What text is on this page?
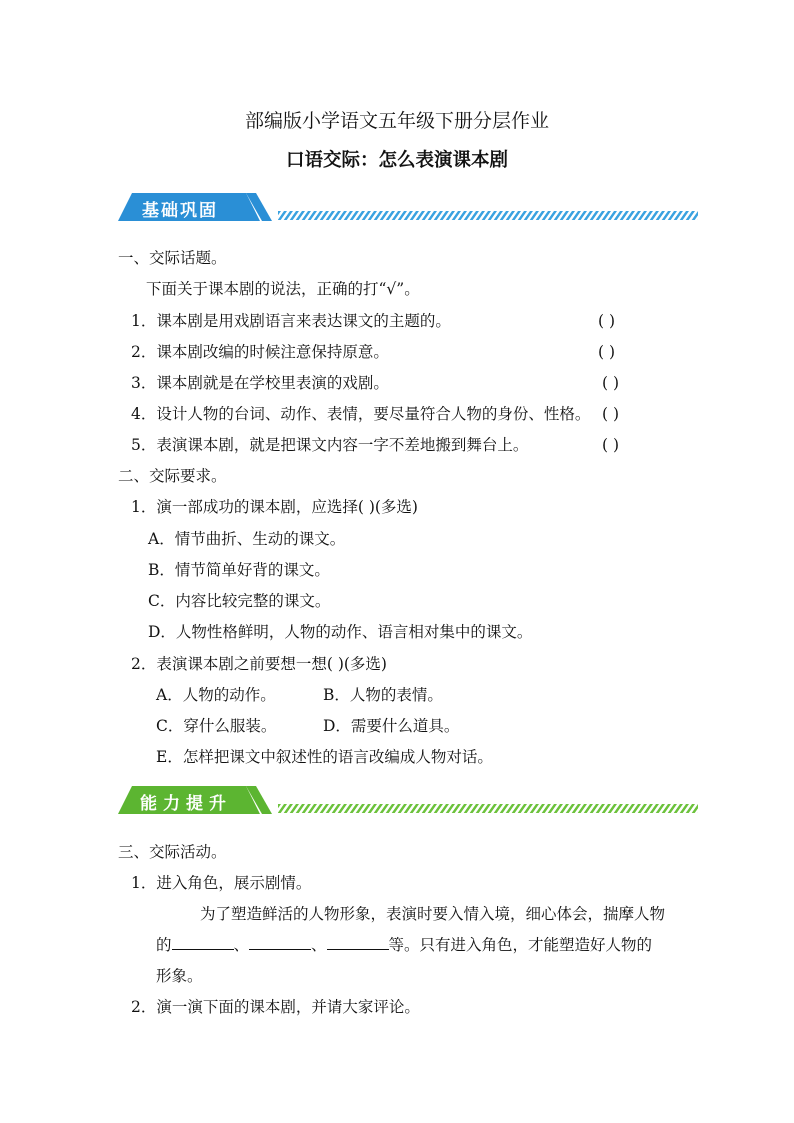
部编版小学语文五年级下册分层作业
口语交际：怎么表演课本剧
基础巩固
一、交际话题。
下面关于课本剧的说法，正确的打“√”。
1．课本剧是用戏剧语言来表达课文的主题的。	( )
2．课本剧改编的时候注意保持原意。	( )
3．课本剧就是在学校里表演的戏剧。	( )
4．设计人物的台词、动作、表情，要尽量符合人物的身份、性格。 ( )
5．表演课本剧，就是把课文内容一字不差地搬到舞台上。	( )
二、交际要求。
1．演一部成功的课本剧，应选择( )(多选)
A．情节曲折、生动的课文。
B．情节简单好背的课文。
C．内容比较完整的课文。
D．人物性格鲜明，人物的动作、语言相对集中的课文。
2．表演课本剧之前要想一想( )(多选)
A．人物的动作。	B．人物的表情。
C．穿什么服装。	D．需要什么道具。
E．怎样把课文中叙述性的语言改编成人物对话。
能力提升
三、交际活动。
1．进入角色，展示剧情。
为了塑造鲜活的人物形象，表演时要入情入境，细心体会，揣摩人物
的	、	、	等。只有进入角色，才能塑造好人物的
形象。
2．演一演下面的课本剧，并请大家评论。
